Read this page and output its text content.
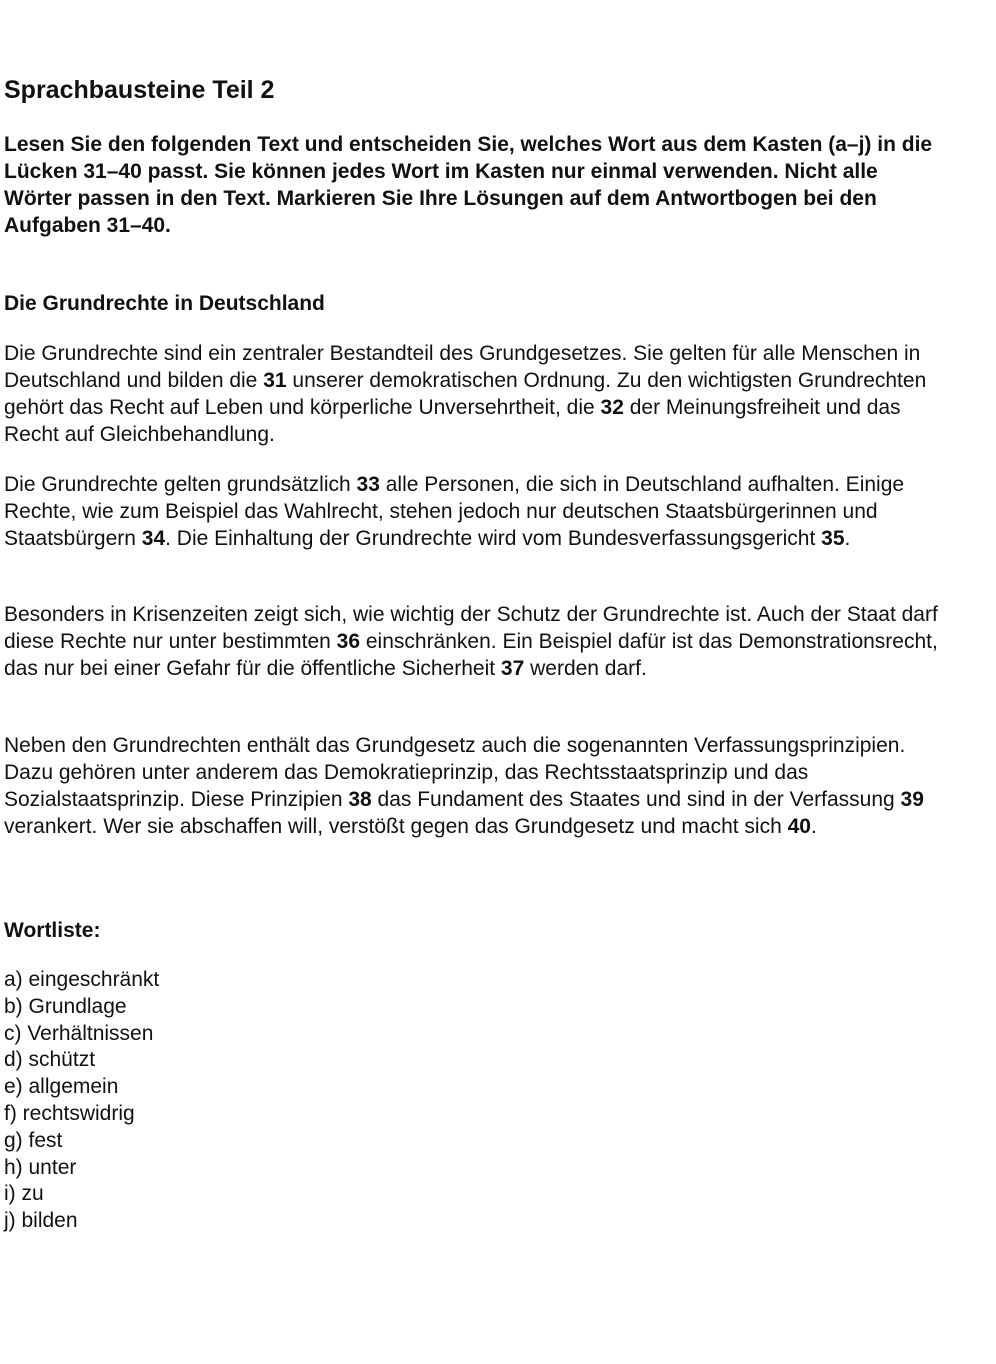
Sprachbausteine Teil 2

Lesen Sie den folgenden Text und entscheiden Sie, welches Wort aus dem Kasten (a–j) in die Lücken 31–40 passt. Sie können jedes Wort im Kasten nur einmal verwenden. Nicht alle Wörter passen in den Text. Markieren Sie Ihre Lösungen auf dem Antwortbogen bei den Aufgaben 31–40.

Die Grundrechte in Deutschland

Die Grundrechte sind ein zentraler Bestandteil des Grundgesetzes. Sie gelten für alle Menschen in Deutschland und bilden die 31 unserer demokratischen Ordnung. Zu den wichtigsten Grundrechten gehört das Recht auf Leben und körperliche Unversehrtheit, die 32 der Meinungsfreiheit und das Recht auf Gleichbehandlung.

Die Grundrechte gelten grundsätzlich 33 alle Personen, die sich in Deutschland aufhalten. Einige Rechte, wie zum Beispiel das Wahlrecht, stehen jedoch nur deutschen Staatsbürgerinnen und Staatsbürgern 34. Die Einhaltung der Grundrechte wird vom Bundesverfassungsgericht 35.

Besonders in Krisenzeiten zeigt sich, wie wichtig der Schutz der Grundrechte ist. Auch der Staat darf diese Rechte nur unter bestimmten 36 einschränken. Ein Beispiel dafür ist das Demonstrationsrecht, das nur bei einer Gefahr für die öffentliche Sicherheit 37 werden darf.

Neben den Grundrechten enthält das Grundgesetz auch die sogenannten Verfassungsprinzipien. Dazu gehören unter anderem das Demokratieprinzip, das Rechtsstaatsprinzip und das Sozialstaatsprinzip. Diese Prinzipien 38 das Fundament des Staates und sind in der Verfassung 39 verankert. Wer sie abschaffen will, verstößt gegen das Grundgesetz und macht sich 40.

Wortliste:
a) eingeschränkt
b) Grundlage
c) Verhältnissen
d) schützt
e) allgemein
f) rechtswidrig
g) fest
h) unter
i) zu
j) bilden
